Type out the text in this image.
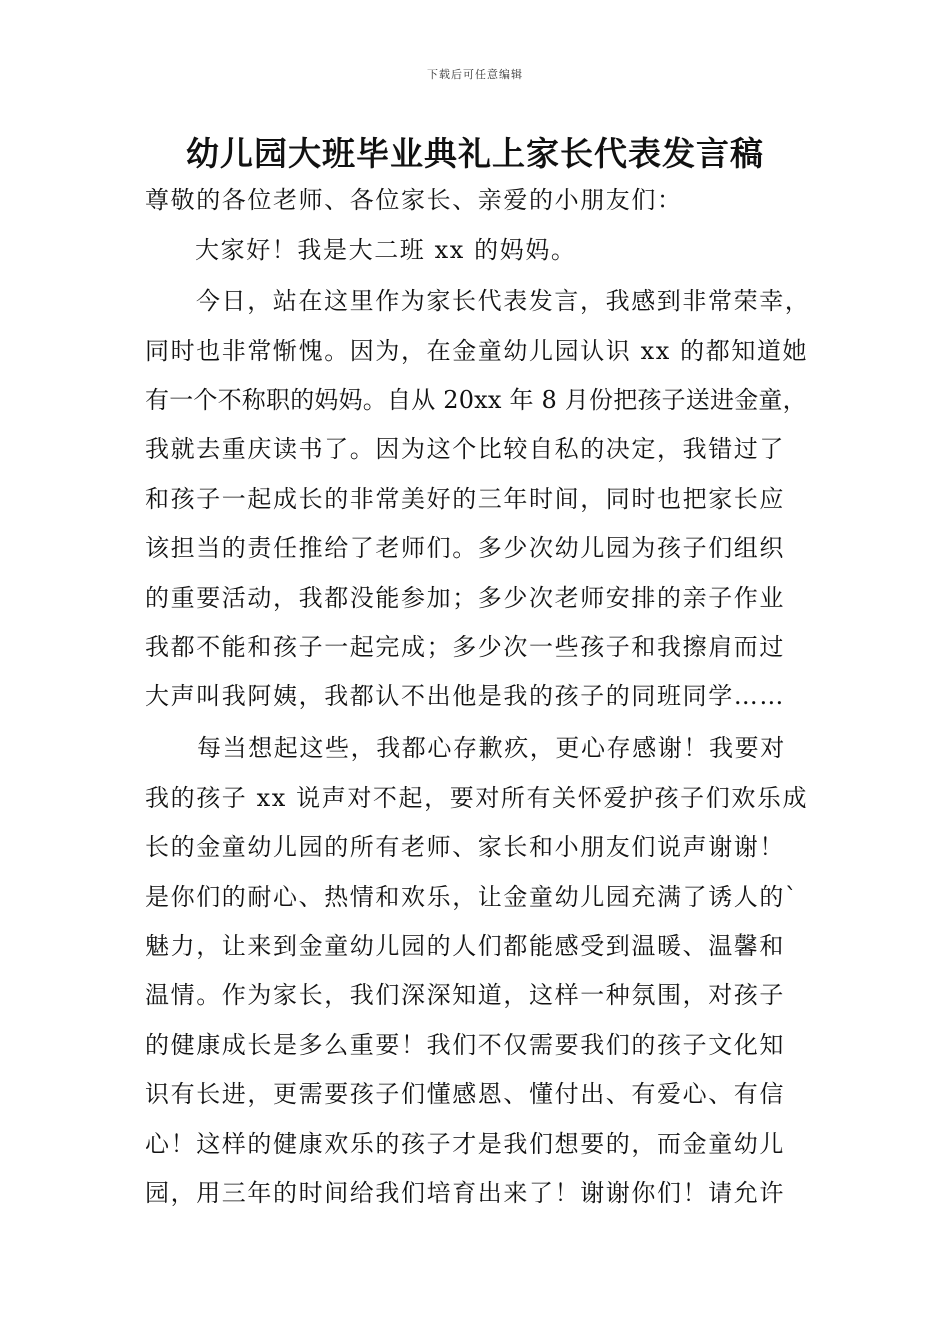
下载后可任意编辑
幼儿园大班毕业典礼上家长代表发言稿
尊敬的各位老师、各位家长、亲爱的小朋友们：
大家好！我是大二班 xx 的妈妈。
今日，站在这里作为家长代表发言，我感到非常荣幸，
同时也非常惭愧。因为，在金童幼儿园认识 xx 的都知道她
有一个不称职的妈妈。自从 20xx 年 8 月份把孩子送进金童，
我就去重庆读书了。因为这个比较自私的决定，我错过了
和孩子一起成长的非常美好的三年时间，同时也把家长应
该担当的责任推给了老师们。多少次幼儿园为孩子们组织
的重要活动，我都没能参加；多少次老师安排的亲子作业
我都不能和孩子一起完成；多少次一些孩子和我擦肩而过
大声叫我阿姨，我都认不出他是我的孩子的同班同学……
每当想起这些，我都心存歉疚，更心存感谢！我要对
我的孩子 xx 说声对不起，要对所有关怀爱护孩子们欢乐成
长的金童幼儿园的所有老师、家长和小朋友们说声谢谢！
是你们的耐心、热情和欢乐，让金童幼儿园充满了诱人的`
魅力，让来到金童幼儿园的人们都能感受到温暖、温馨和
温情。作为家长，我们深深知道，这样一种氛围，对孩子
的健康成长是多么重要！我们不仅需要我们的孩子文化知
识有长进，更需要孩子们懂感恩、懂付出、有爱心、有信
心！这样的健康欢乐的孩子才是我们想要的，而金童幼儿
园，用三年的时间给我们培育出来了！谢谢你们！请允许
